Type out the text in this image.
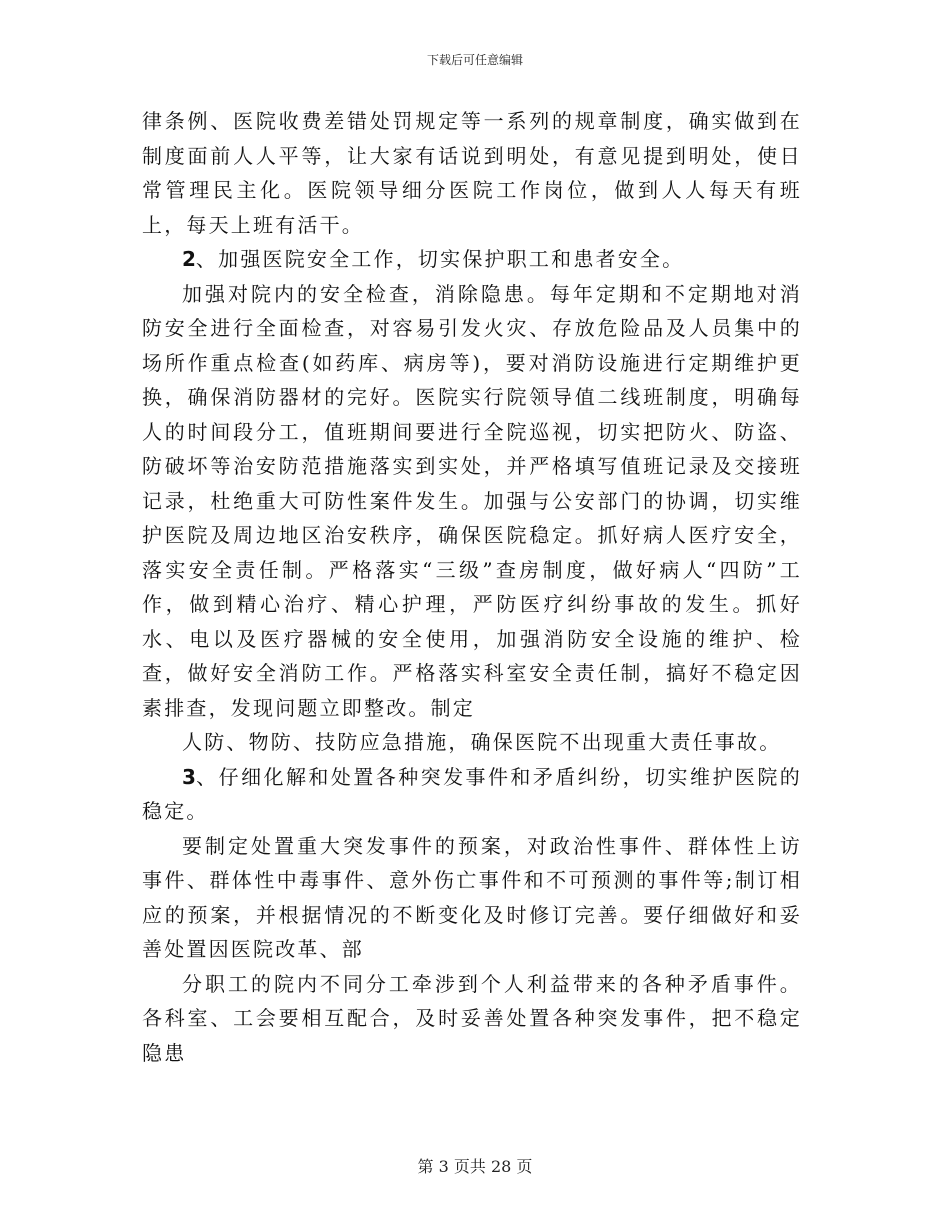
下载后可任意编辑

律条例、医院收费差错处罚规定等一系列的规章制度，确实做到在制度面前人人平等，让大家有话说到明处，有意见提到明处，使日常管理民主化。医院领导细分医院工作岗位，做到人人每天有班上，每天上班有活干。

2、加强医院安全工作，切实保护职工和患者安全。

加强对院内的安全检查，消除隐患。每年定期和不定期地对消防安全进行全面检查，对容易引发火灾、存放危险品及人员集中的场所作重点检查(如药库、病房等)，要对消防设施进行定期维护更换，确保消防器材的完好。医院实行院领导值二线班制度，明确每人的时间段分工，值班期间要进行全院巡视，切实把防火、防盗、防破坏等治安防范措施落实到实处，并严格填写值班记录及交接班记录，杜绝重大可防性案件发生。加强与公安部门的协调，切实维护医院及周边地区治安秩序，确保医院稳定。抓好病人医疗安全，落实安全责任制。严格落实“三级”查房制度，做好病人“四防”工作，做到精心治疗、精心护理，严防医疗纠纷事故的发生。抓好水、电以及医疗器械的安全使用，加强消防安全设施的维护、检查，做好安全消防工作。严格落实科室安全责任制，搞好不稳定因素排查，发现问题立即整改。制定

人防、物防、技防应急措施，确保医院不出现重大责任事故。

3、仔细化解和处置各种突发事件和矛盾纠纷，切实维护医院的稳定。

要制定处置重大突发事件的预案，对政治性事件、群体性上访事件、群体性中毒事件、意外伤亡事件和不可预测的事件等;制订相应的预案，并根据情况的不断变化及时修订完善。要仔细做好和妥善处置因医院改革、部

分职工的院内不同分工牵涉到个人利益带来的各种矛盾事件。各科室、工会要相互配合，及时妥善处置各种突发事件，把不稳定隐患

第 3 页共 28 页
